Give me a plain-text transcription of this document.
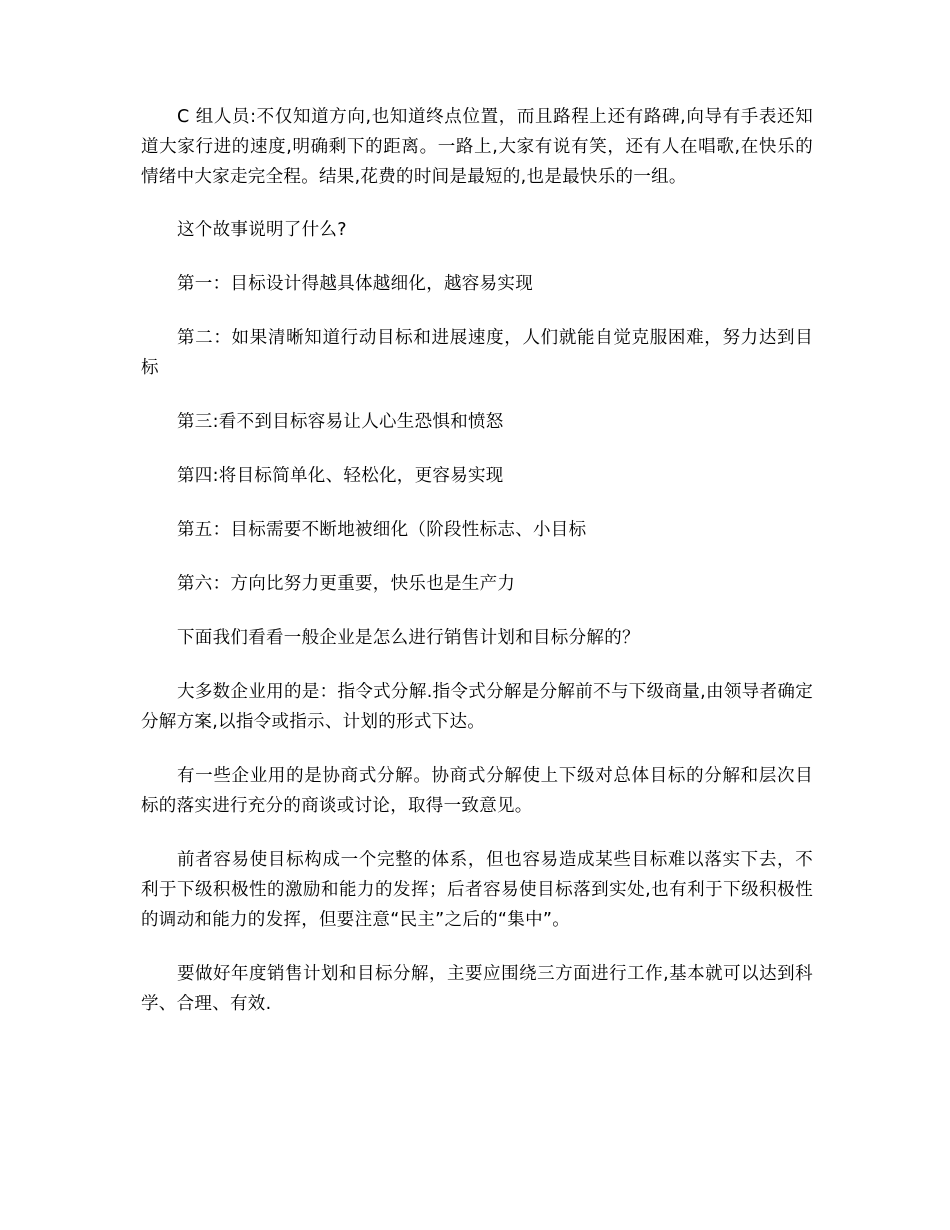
C 组人员:不仅知道方向,也知道终点位置，而且路程上还有路碑,向导有手表还知道大家行进的速度,明确剩下的距离。一路上,大家有说有笑，还有人在唱歌,在快乐的情绪中大家走完全程。结果,花费的时间是最短的,也是最快乐的一组。

这个故事说明了什么?

第一：目标设计得越具体越细化，越容易实现

第二：如果清晰知道行动目标和进展速度，人们就能自觉克服困难，努力达到目标

第三:看不到目标容易让人心生恐惧和愤怒

第四:将目标简单化、轻松化，更容易实现

第五：目标需要不断地被细化（阶段性标志、小目标

第六：方向比努力更重要，快乐也是生产力

下面我们看看一般企业是怎么进行销售计划和目标分解的？

大多数企业用的是：指令式分解.指令式分解是分解前不与下级商量,由领导者确定分解方案,以指令或指示、计划的形式下达。

有一些企业用的是协商式分解。协商式分解使上下级对总体目标的分解和层次目标的落实进行充分的商谈或讨论，取得一致意见。

前者容易使目标构成一个完整的体系，但也容易造成某些目标难以落实下去，不利于下级积极性的激励和能力的发挥；后者容易使目标落到实处,也有利于下级积极性的调动和能力的发挥，但要注意“民主”之后的“集中”。

要做好年度销售计划和目标分解，主要应围绕三方面进行工作,基本就可以达到科学、合理、有效.
